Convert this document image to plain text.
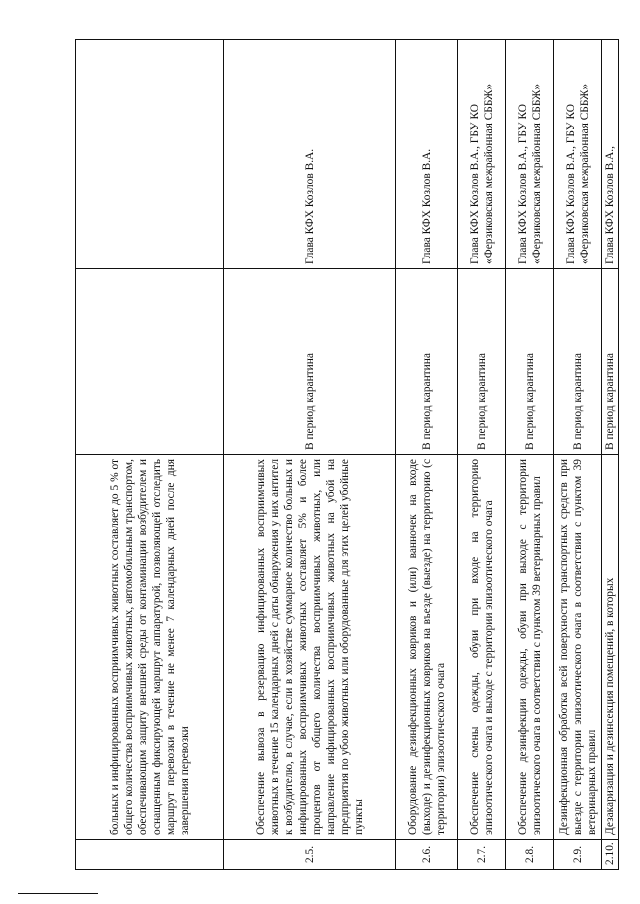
	больных и инфицированных восприимчивых животных составляет до 5 % от общего количества восприимчивых животных, автомобильным транспортом, обеспечивающим защиту внешней среды от контаминации возбудителем и оснащенным фиксирующей маршрут аппаратурой, позволяющей отследить маршрут перевозки в течение не менее 7 календарных дней после дня завершения перевозки		
2.5.	Обеспечение вывоза в резервацию инфицированных восприимчивых животных в течение 15 календарных дней с даты обнаружения у них антител к возбудителю, в случае, если в хозяйстве суммарное количество больных и инфицированных восприимчивых животных составляет 5% и более процентов от общего количества восприимчивых животных, или направление инфицированных восприимчивых животных на убой на предприятия по убою животных или оборудованные для этих целей убойные пункты	В период карантина	Глава КФХ Козлов В.А.
2.6.	Оборудование дезинфекционных ковриков и (или) ванночек на входе (выходе) и дезинфекционных ковриков на въезде (выезде) на территорию (с территории) эпизоотического очага	В период карантина	Глава КФХ Козлов В.А.
2.7.	Обеспечение смены одежды, обуви при входе на территорию эпизоотического очага и выходе с территории эпизоотического очага	В период карантина	Глава КФХ Козлов В.А., ГБУ КО «Ферзиковская межрайонная СББЖ»
2.8.	Обеспечение дезинфекции одежды, обуви при выходе с территории эпизоотического очага в соответствии с пунктом 39 ветеринарных правил	В период карантина	Глава КФХ Козлов В.А., ГБУ КО «Ферзиковская межрайонная СББЖ»
2.9.	Дезинфекционная обработка всей поверхности транспортных средств при выезде с территории эпизоотического очага в соответствии с пунктом 39 ветеринарных правил	В период карантина	Глава КФХ Козлов В.А., ГБУ КО «Ферзиковская межрайонная СББЖ»
2.10.	Дезакаризация и дезинсекция помещений, в которых	В период карантина	Глава КФХ Козлов В.А.,
